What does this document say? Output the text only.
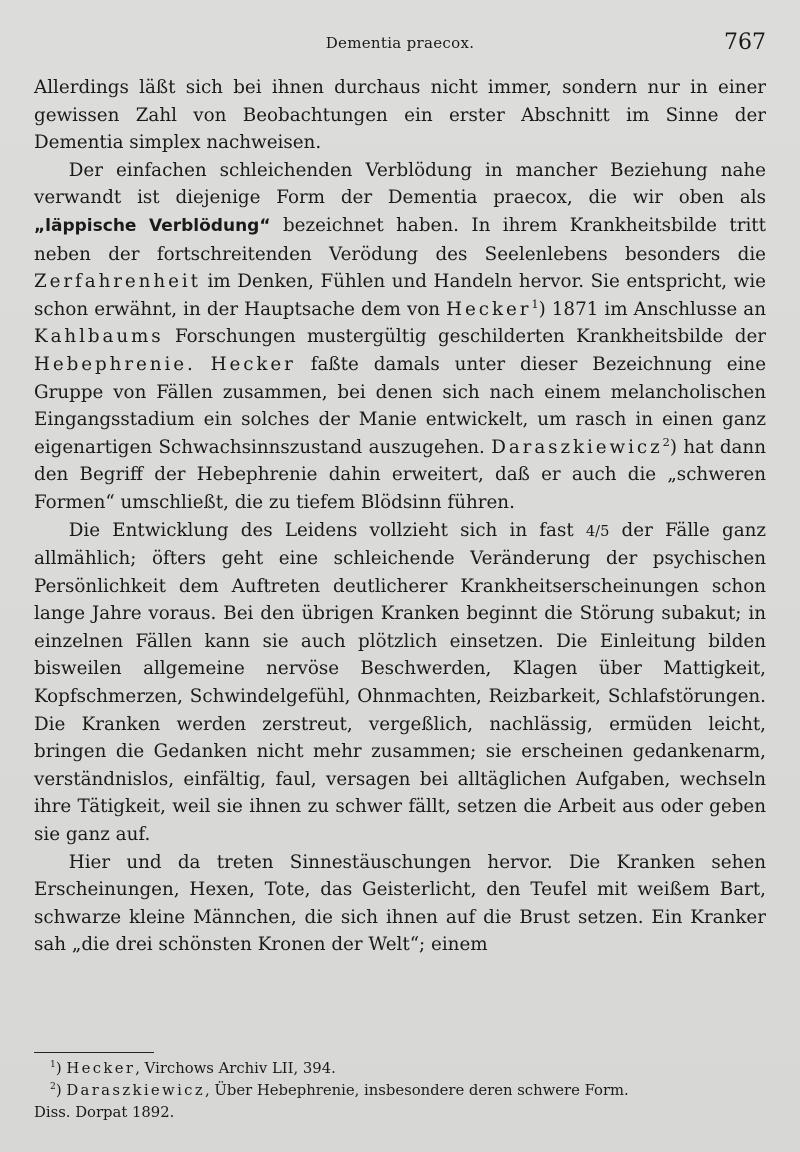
Dementia praecox.	767

Allerdings läßt sich bei ihnen durchaus nicht immer, sondern nur in einer gewissen Zahl von Beobachtungen ein erster Abschnitt im Sinne der Dementia simplex nachweisen.

Der einfachen schleichenden Verblödung in mancher Beziehung nahe verwandt ist diejenige Form der Dementia praecox, die wir oben als „läppische Verblödung“ bezeichnet haben. In ihrem Krankheitsbilde tritt neben der fortschreitenden Verödung des Seelenlebens besonders die Zerfahrenheit im Denken, Fühlen und Handeln hervor. Sie entspricht, wie schon erwähnt, in der Hauptsache dem von Hecker$^1$) 1871 im Anschlusse an Kahlbaums Forschungen mustergültig geschilderten Krankheitsbilde der Hebephrenie. Hecker faßte damals unter dieser Bezeichnung eine Gruppe von Fällen zusammen, bei denen sich nach einem melancholischen Eingangsstadium ein solches der Manie entwickelt, um rasch in einen ganz eigenartigen Schwachsinnszustand auszugehen. Daraszkiewicz$^2$) hat dann den Begriff der Hebephrenie dahin erweitert, daß er auch die „schweren Formen“ umschließt, die zu tiefem Blödsinn führen.

Die Entwicklung des Leidens vollzieht sich in fast 4/5 der Fälle ganz allmählich; öfters geht eine schleichende Veränderung der psychischen Persönlichkeit dem Auftreten deutlicherer Krankheitserscheinungen schon lange Jahre voraus. Bei den übrigen Kranken beginnt die Störung subakut; in einzelnen Fällen kann sie auch plötzlich einsetzen. Die Einleitung bilden bisweilen allgemeine nervöse Beschwerden, Klagen über Mattigkeit, Kopfschmerzen, Schwindelgefühl, Ohnmachten, Reizbarkeit, Schlafstörungen. Die Kranken werden zerstreut, vergeßlich, nachlässig, ermüden leicht, bringen die Gedanken nicht mehr zusammen; sie erscheinen gedankenarm, verständnislos, einfältig, faul, versagen bei alltäglichen Aufgaben, wechseln ihre Tätigkeit, weil sie ihnen zu schwer fällt, setzen die Arbeit aus oder geben sie ganz auf.

Hier und da treten Sinnestäuschungen hervor. Die Kranken sehen Erscheinungen, Hexen, Tote, das Geisterlicht, den Teufel mit weißem Bart, schwarze kleine Männchen, die sich ihnen auf die Brust setzen. Ein Kranker sah „die drei schönsten Kronen der Welt“; einem

$^1$) Hecker, Virchows Archiv LII, 394.

$^2$) Daraszkiewicz, Über Hebephrenie, insbesondere deren schwere Form.

Diss. Dorpat 1892.
